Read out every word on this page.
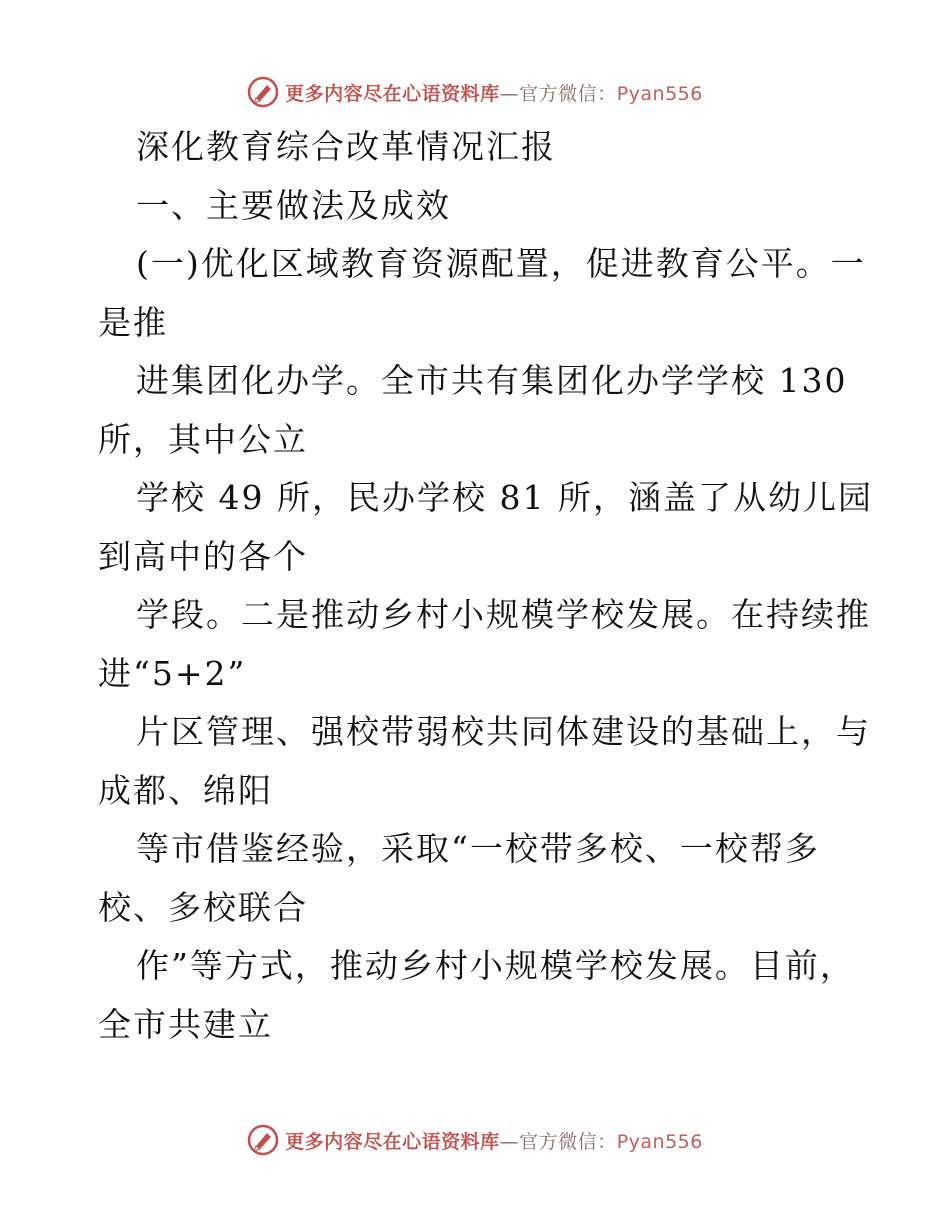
更多内容尽在心语资料库—官方微信：Pyan556
深化教育综合改革情况汇报
一、主要做法及成效
(一)优化区域教育资源配置，促进教育公平。一
是推
进集团化办学。全市共有集团化办学学校 130
所，其中公立
学校 49 所，民办学校 81 所，涵盖了从幼儿园
到高中的各个
学段。二是推动乡村小规模学校发展。在持续推
进“5+2”
片区管理、强校带弱校共同体建设的基础上，与
成都、绵阳
等市借鉴经验，采取“一校带多校、一校帮多
校、多校联合
作”等方式，推动乡村小规模学校发展。目前，
全市共建立
更多内容尽在心语资料库—官方微信：Pyan556
